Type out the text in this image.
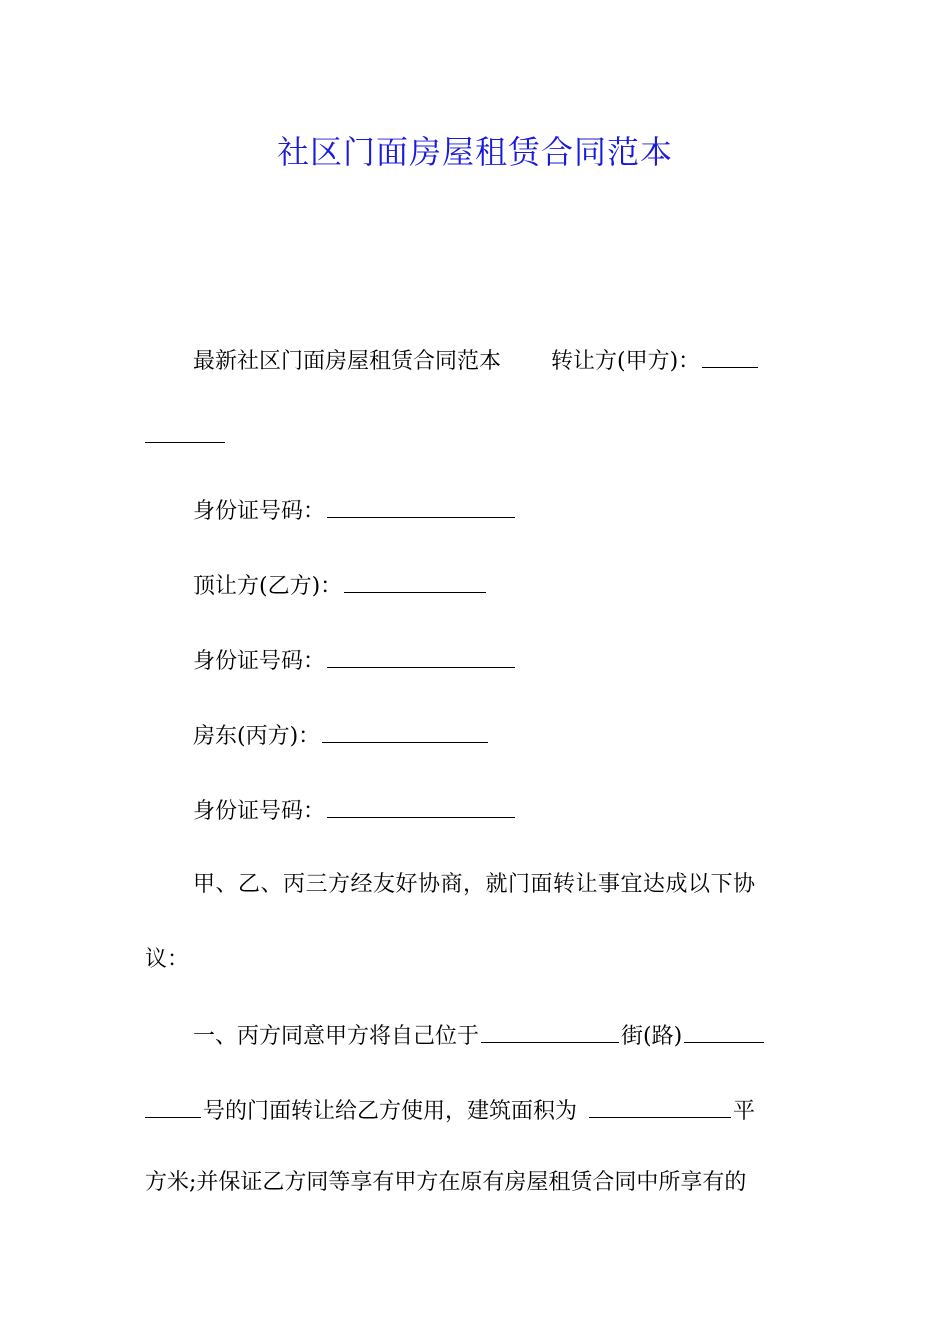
社区门面房屋租赁合同范本
最新社区门面房屋租赁合同范本 转让方(甲方)：
身份证号码：
顶让方(乙方)：
身份证号码：
房东(丙方)：
身份证号码：
甲、乙、丙三方经友好协商，就门面转让事宜达成以下协
议：
一、丙方同意甲方将自己位于	街(路)
号的门面转让给乙方使用，建筑面积为	平
方米;并保证乙方同等享有甲方在原有房屋租赁合同中所享有的
